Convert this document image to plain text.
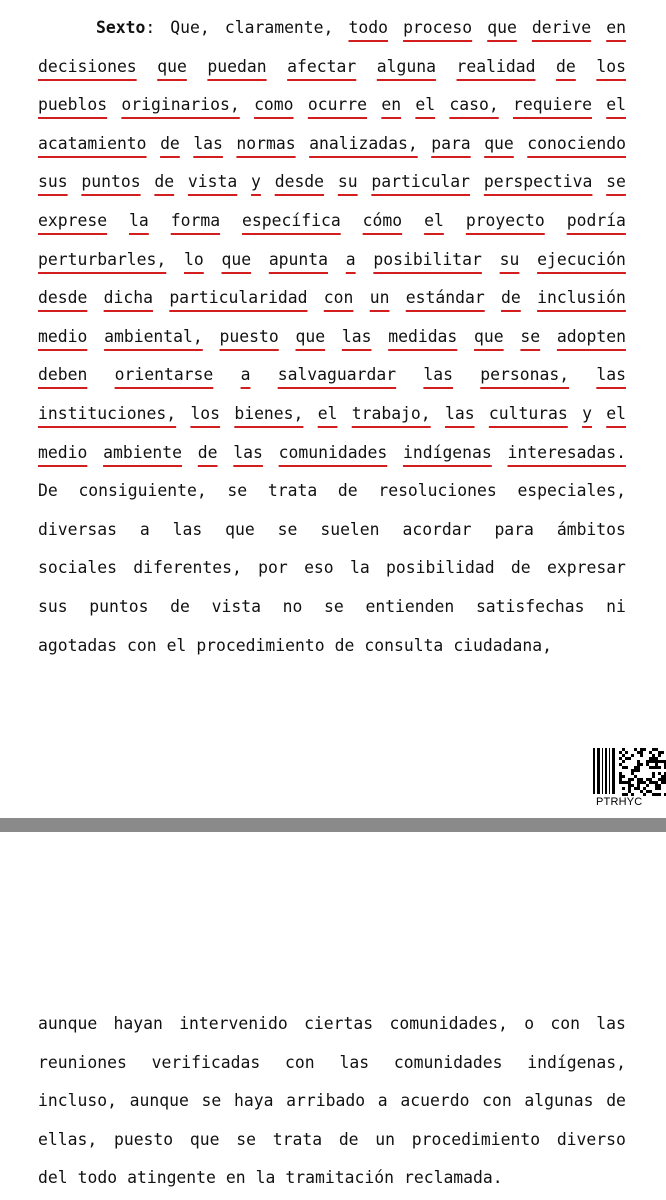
Sexto: Que, claramente, todo proceso que derive en
decisiones que puedan afectar alguna realidad de los
pueblos originarios, como ocurre en el caso, requiere el
acatamiento de las normas analizadas, para que conociendo
sus puntos de vista y desde su particular perspectiva se
exprese la forma específica cómo el proyecto podría
perturbarles, lo que apunta a posibilitar su ejecución
desde dicha particularidad con un estándar de inclusión
medio ambiental, puesto que las medidas que se adopten
deben orientarse a salvaguardar las personas, las
instituciones, los bienes, el trabajo, las culturas y el
medio ambiente de las comunidades indígenas interesadas.
De consiguiente, se trata de resoluciones especiales,
diversas a las que se suelen acordar para ámbitos
sociales diferentes, por eso la posibilidad de expresar
sus puntos de vista no se entienden satisfechas ni
agotadas con el procedimiento de consulta ciudadana,
PTRHYC
aunque hayan intervenido ciertas comunidades, o con las
reuniones verificadas con las comunidades indígenas,
incluso, aunque se haya arribado a acuerdo con algunas de
ellas, puesto que se trata de un procedimiento diverso
del todo atingente en la tramitación reclamada.
